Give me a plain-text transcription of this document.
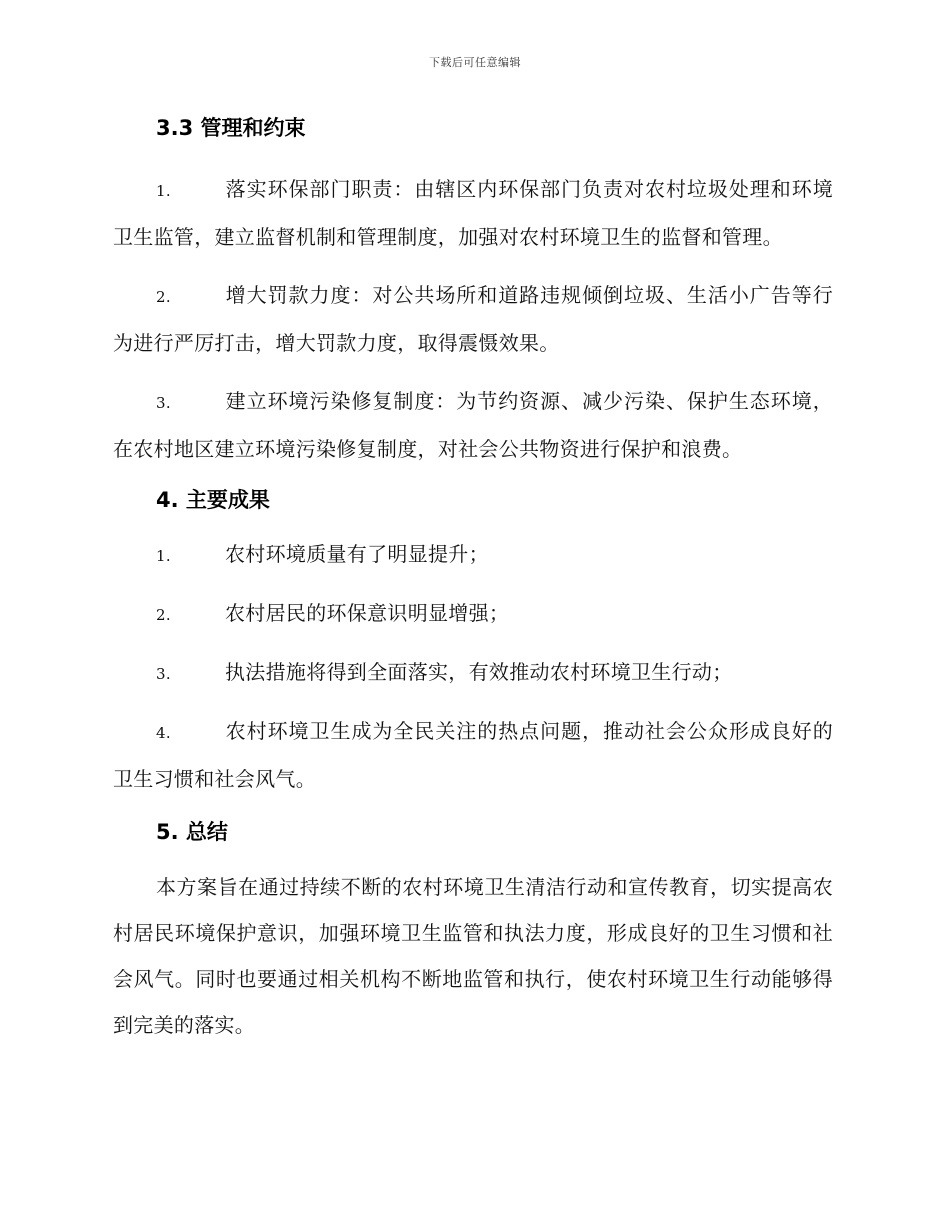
下载后可任意编辑
3.3 管理和约束

1.	落实环保部门职责：由辖区内环保部门负责对农村垃圾处理和环境卫生监管，建立监督机制和管理制度，加强对农村环境卫生的监督和管理。

2.	增大罚款力度：对公共场所和道路违规倾倒垃圾、生活小广告等行为进行严厉打击，增大罚款力度，取得震慑效果。

3.	建立环境污染修复制度：为节约资源、减少污染、保护生态环境，在农村地区建立环境污染修复制度，对社会公共物资进行保护和浪费。

4. 主要成果

1.	农村环境质量有了明显提升；

2.	农村居民的环保意识明显增强；

3.	执法措施将得到全面落实，有效推动农村环境卫生行动；

4.	农村环境卫生成为全民关注的热点问题，推动社会公众形成良好的卫生习惯和社会风气。

5. 总结

本方案旨在通过持续不断的农村环境卫生清洁行动和宣传教育，切实提高农村居民环境保护意识，加强环境卫生监管和执法力度，形成良好的卫生习惯和社会风气。同时也要通过相关机构不断地监管和执行，使农村环境卫生行动能够得到完美的落实。
